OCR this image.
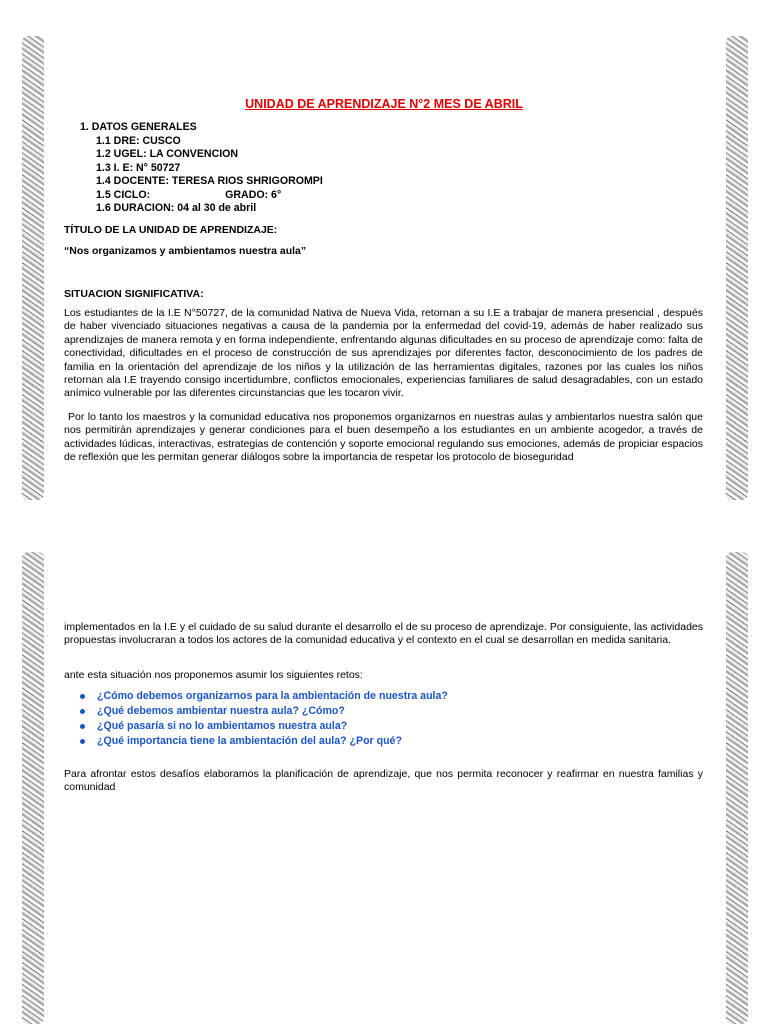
UNIDAD DE APRENDIZAJE N°2 MES DE ABRIL
1. DATOS GENERALES
1.1 DRE: CUSCO
1.2 UGEL: LA CONVENCION
1.3 I. E: N° 50727
1.4 DOCENTE: TERESA RIOS SHRIGOROMPI
1.5 CICLO:	GRADO: 6°
1.6 DURACION: 04 al 30 de abril
TÍTULO DE LA UNIDAD DE APRENDIZAJE:
“Nos organizamos y ambientamos nuestra aula”
SITUACION SIGNIFICATIVA:
Los estudiantes de la I.E N°50727, de la comunidad Nativa de Nueva Vida, retornan a su I.E a trabajar de manera presencial , después de haber vivenciado situaciones negativas a causa de la pandemia por la enfermedad del covid-19, además de haber realizado sus aprendizajes de manera remota y en forma independiente, enfrentando algunas dificultades en su proceso de aprendizaje como: falta de conectividad, dificultades en el proceso de construcción de sus aprendizajes por diferentes factor, desconocimiento de los padres de familia en la orientación del aprendizaje de los niños y la utilización de las herramientas digitales, razones por las cuales los niños retornan ala I.E trayendo consigo incertidumbre, conflictos emocionales, experiencias familiares de salud desagradables, con un estado anímico vulnerable por las diferentes circunstancias que les tocaron vivir.
Por lo tanto los maestros y la comunidad educativa nos proponemos organizarnos en nuestras aulas y ambientarlos nuestra salón que nos permitirán aprendizajes y generar condiciones para el buen desempeño a los estudiantes en un ambiente acogedor, a través de actividades lúdicas, interactivas, estrategias de contención y soporte emocional regulando sus emociones, además de propiciar espacios de reflexión que les permitan generar diálogos sobre la importancia de respetar los protocolo de bioseguridad
implementados en la I.E y el cuidado de su salud durante el desarrollo el de su proceso de aprendizaje. Por consiguiente, las actividades propuestas involucraran a todos los actores de la comunidad educativa y el contexto en el cual se desarrollan en medida sanitaria.
ante esta situación nos proponemos asumir los siguientes retos:
¿Cómo debemos organizarnos para la ambientación de nuestra aula?
¿Qué debemos ambientar nuestra aula? ¿Cómo?
¿Qué pasaría si no lo ambientamos nuestra aula?
¿Qué importancia tiene la ambientación del aula? ¿Por qué?
Para afrontar estos desafíos elaboramos la planificación de aprendizaje, que nos permita reconocer y reafirmar en nuestra familias y comunidad
